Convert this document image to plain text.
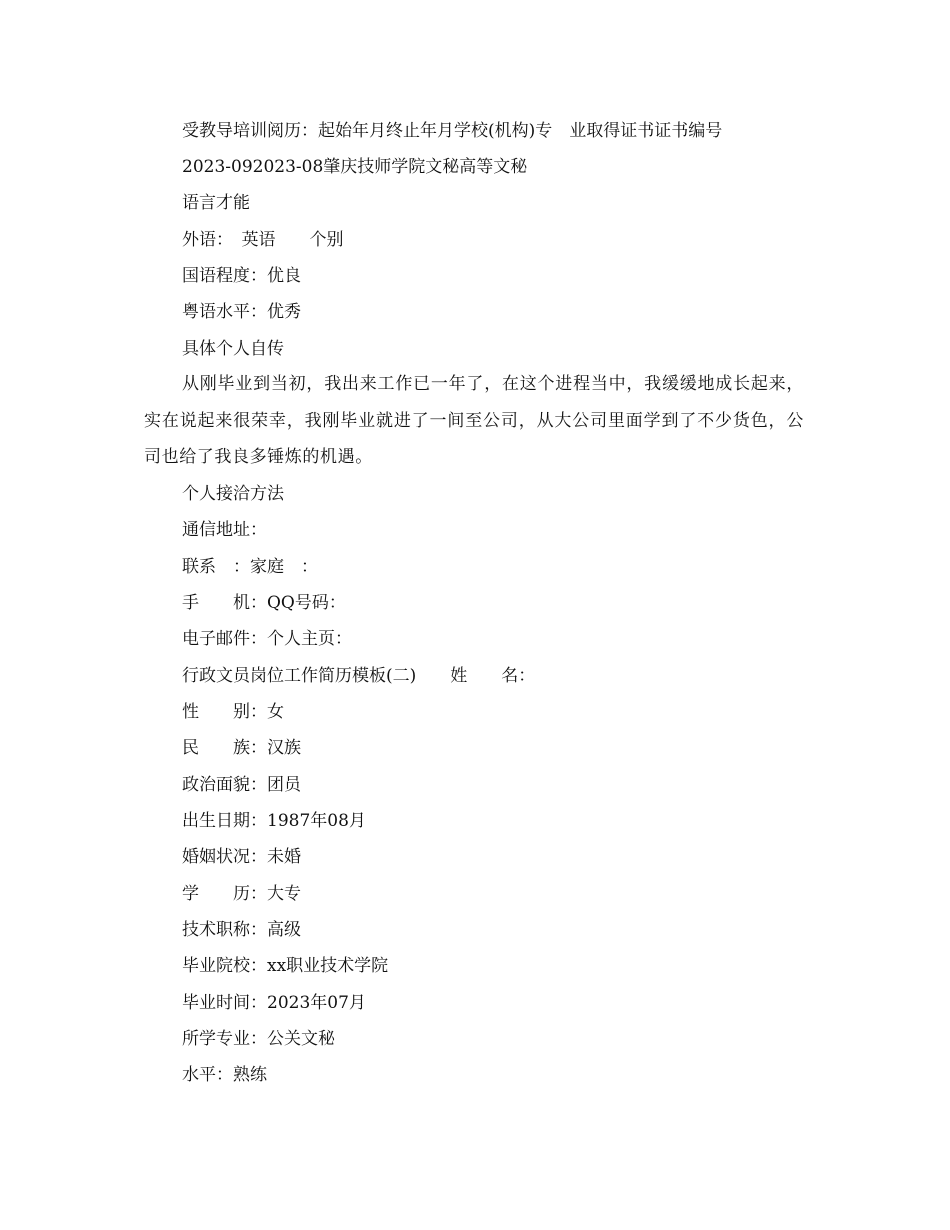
受教导培训阅历：起始年月终止年月学校(机构)专　业取得证书证书编号
2023-092023-08肇庆技师学院文秘高等文秘
语言才能
外语：　英语　　个别
国语程度：优良
粤语水平：优秀
具体个人自传
从刚毕业到当初，我出来工作已一年了，在这个进程当中，我缓缓地成长起来，实在说起来很荣幸，我刚毕业就进了一间至公司，从大公司里面学到了不少货色，公司也给了我良多锤炼的机遇。
个人接洽方法
通信地址：
联系　：家庭　：
手　　机：QQ号码：
电子邮件：个人主页：
行政文员岗位工作简历模板(二)　　姓　　名：
性　　别：女
民　　族：汉族
政治面貌：团员
出生日期：1987年08月
婚姻状况：未婚
学　　历：大专
技术职称：高级
毕业院校：xx职业技术学院
毕业时间：2023年07月
所学专业：公关文秘
水平：熟练
